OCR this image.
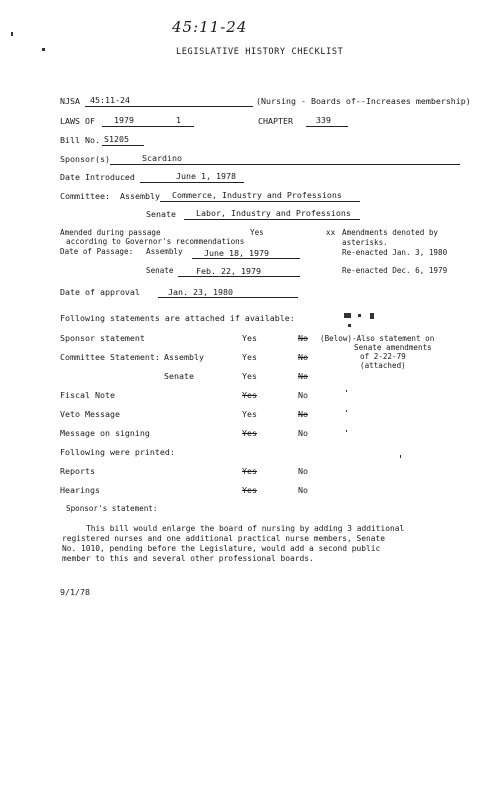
45:11-24
LEGISLATIVE HISTORY CHECKLIST
NJSA 45:11-24	(Nursing - Boards of--Increases membership)
LAWS OF 1979	1	CHAPTER	339
Bill No. S1205
Sponsor(s)	Scardino
Date Introduced	June 1, 1978
Committee: Assembly Commerce, Industry and Professions
Senate Labor, Industry and Professions
Amended during passage	Yes	xx Amendments denoted by
asterisks.
according to Governor's recommendations
Date of Passage: Assembly	June 18, 1979	Re-enacted Jan. 3, 1980
Senate	Feb. 22, 1979	Re-enacted Dec. 6, 1979
Date of approval	Jan. 23, 1980
Following statements are attached if available:
Sponsor statement	Yes	No (Below)-Also statement on
Senate amendments
of 2-22-79
(attached)
Committee Statement: Assembly	Yes	No
Senate	Yes	No
Fiscal Note	Yes	No
Veto Message	Yes	No
Message on signing	Yes	No
Following were printed:
Reports	Yes	No
Hearings	Yes	No
Sponsor's statement:
This bill would enlarge the board of nursing by adding 3 additional
registered nurses and one additional practical nurse members, Senate
No. 1010, pending before the Legislature, would add a second public
member to this and several other professional boards.
9/1/78
